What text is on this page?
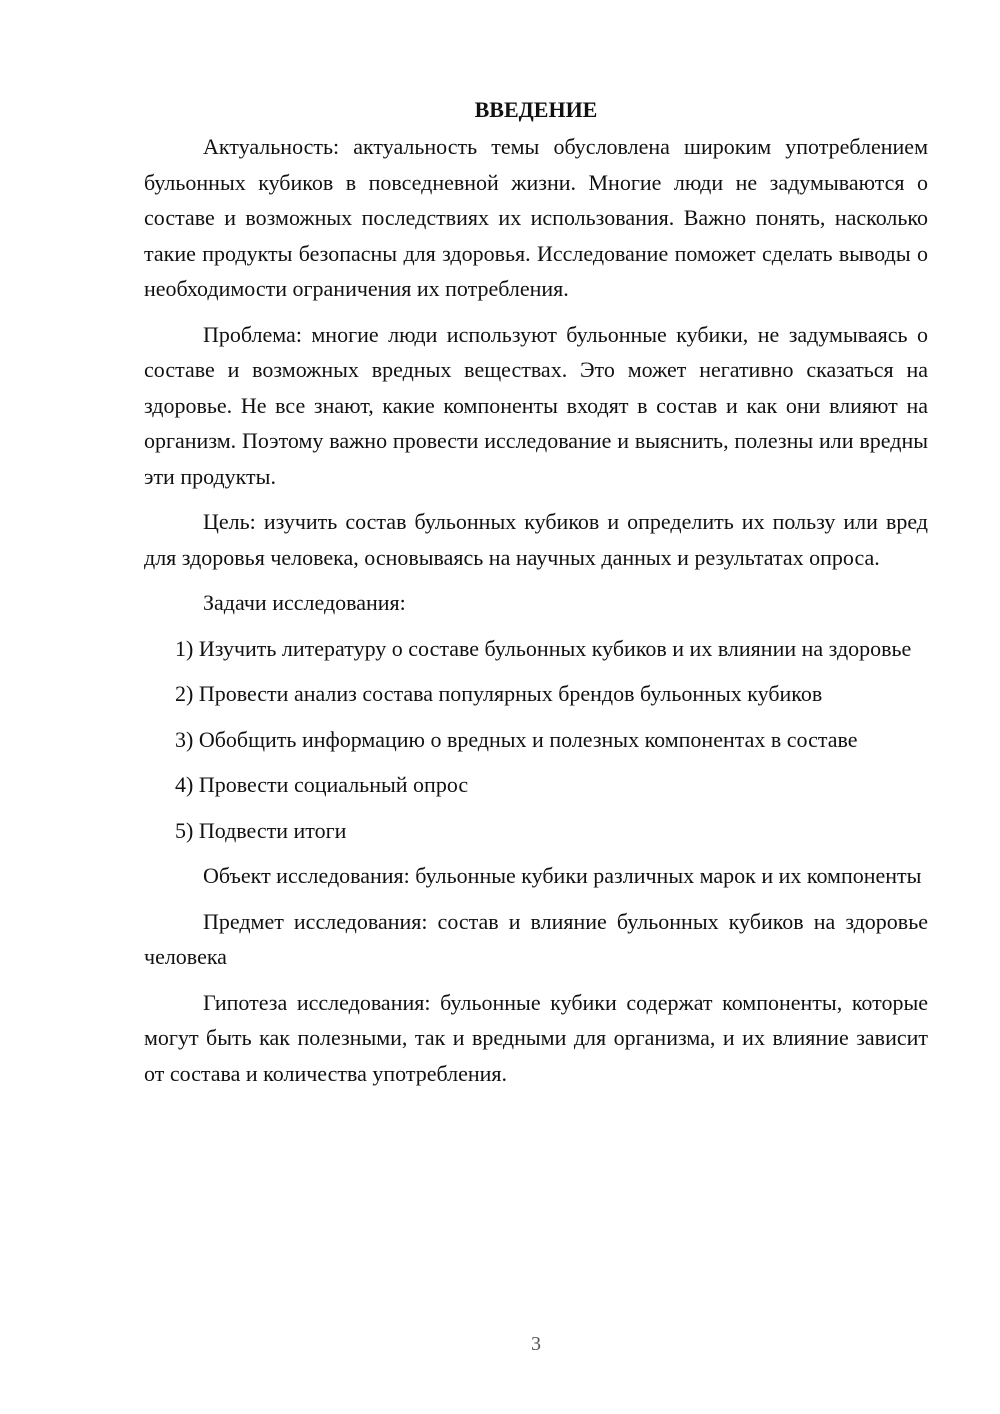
ВВЕДЕНИЕ

Актуальность: актуальность темы обусловлена широким употреблением бульонных кубиков в повседневной жизни. Многие люди не задумываются о составе и возможных последствиях их использования. Важно понять, насколько такие продукты безопасны для здоровья. Исследование поможет сделать выводы о необходимости ограничения их потребления.

Проблема: многие люди используют бульонные кубики, не задумываясь о составе и возможных вредных веществах. Это может негативно сказаться на здоровье. Не все знают, какие компоненты входят в состав и как они влияют на организм. Поэтому важно провести исследование и выяснить, полезны или вредны эти продукты.

Цель: изучить состав бульонных кубиков и определить их пользу или вред для здоровья человека, основываясь на научных данных и результатах опроса.

Задачи исследования:

1) Изучить литературу о составе бульонных кубиков и их влиянии на здоровье

2) Провести анализ состава популярных брендов бульонных кубиков

3) Обобщить информацию о вредных и полезных компонентах в составе

4) Провести социальный опрос

5) Подвести итоги

Объект исследования: бульонные кубики различных марок и их компоненты

Предмет исследования: состав и влияние бульонных кубиков на здоровье человека

Гипотеза исследования: бульонные кубики содержат компоненты, которые могут быть как полезными, так и вредными для организма, и их влияние зависит от состава и количества употребления.

3
